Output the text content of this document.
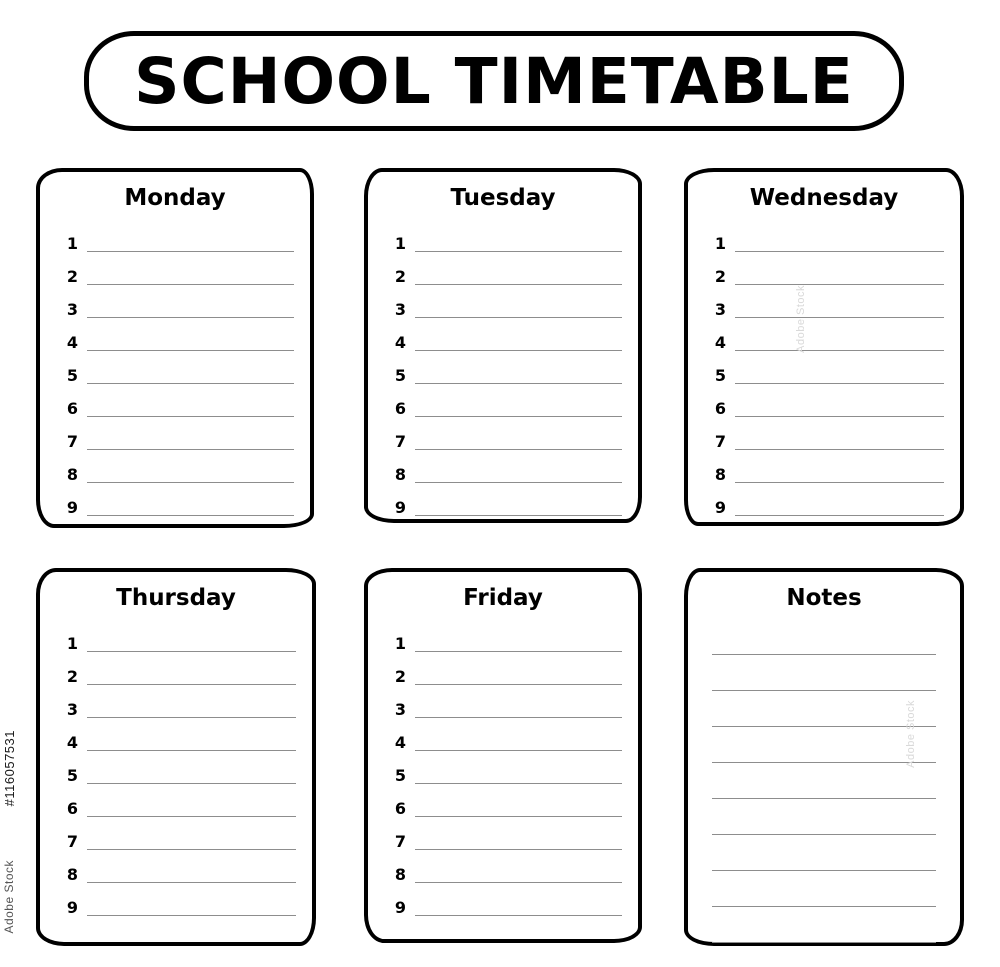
SCHOOL TIMETABLE
Monday
1
2
3
4
5
6
7
8
9
Tuesday
1
2
3
4
5
6
7
8
9
Wednesday
1
2
3
4
5
6
7
8
9
Thursday
1
2
3
4
5
6
7
8
9
Friday
1
2
3
4
5
6
7
8
9
Notes
#116057531
Adobe Stock
Adobe Stock
Adobe Stock
